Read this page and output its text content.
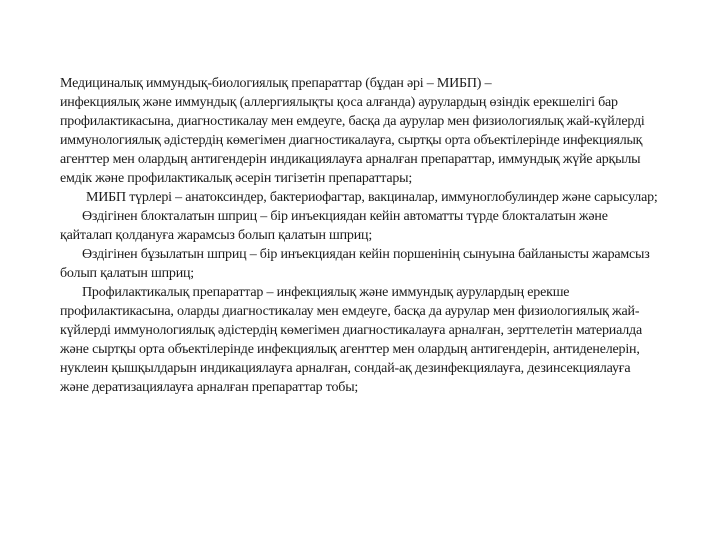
Медициналық иммундық-биологиялық препараттар (бұдан әрі – МИБП) –
инфекциялық және иммундық (аллергиялықты қоса алғанда) аурулардың өзіндік ерекшелігі бар профилактикасына, диагностикалау мен емдеуге, басқа да аурулар мен физиологиялық жай-күйлерді иммунологиялық әдістердің көмегімен диагностикалауға, сыртқы орта объектілерінде инфекциялық агенттер мен олардың антигендерін индикациялауға арналған препараттар, иммундық жүйе арқылы емдік және профилактикалық әсерін тигізетін препараттары;

МИБП түрлері – анатоксиндер, бактериофагтар, вакциналар, иммуноглобулиндер және сарысулар;

Өздігінен блокталатын шприц – бір инъекциядан кейін автоматты түрде блокталатын және қайталап қолдануға жарамсыз болып қалатын шприц;

Өздігінен бұзылатын шприц – бір инъекциядан кейін поршенінің сынуына байланысты жарамсыз болып қалатын шприц;

Профилактикалық препараттар – инфекциялық және иммундық аурулардың ерекше профилактикасына, оларды диагностикалау мен емдеуге, басқа да аурулар мен физиологиялық жай-күйлерді иммунологиялық әдістердің көмегімен диагностикалауға арналған, зерттелетін материалда және сыртқы орта объектілерінде инфекциялық агенттер мен олардың антигендерін, антиденелерін, нуклеин қышқылдарын индикациялауға арналған, сондай-ақ дезинфекциялауға, дезинсекциялауға және дератизациялауға арналған препараттар тобы;
